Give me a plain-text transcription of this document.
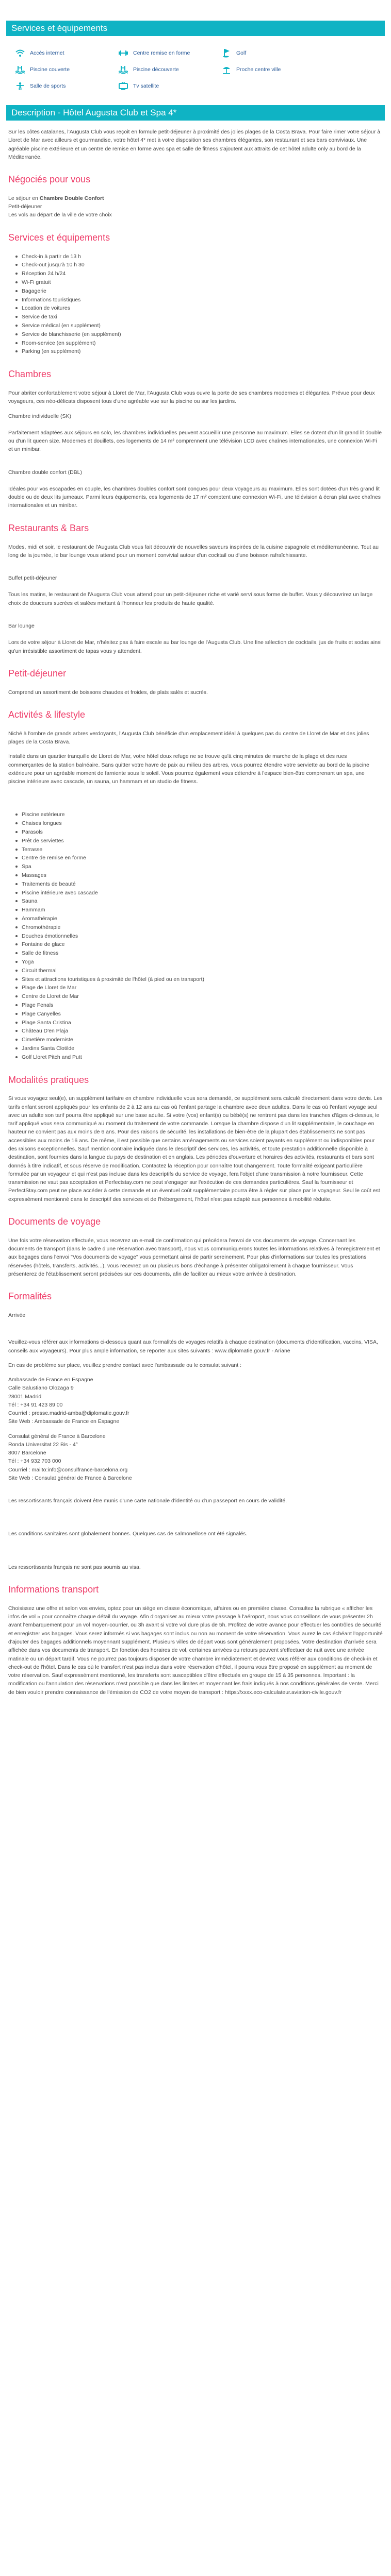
Services et équipements
Accès internet	Centre remise en forme	Golf
Piscine couverte	Piscine découverte	Proche centre ville
Salle de sports	Tv satellite
Description - Hôtel Augusta Club et Spa 4*

Sur les côtes catalanes, l'Augusta Club vous reçoit en formule petit-déjeuner à proximité des jolies plages de la Costa Brava. Pour faire rimer votre séjour à Lloret de Mar avec ailleurs et gourmandise, votre hôtel 4* met à votre disposition ses chambres élégantes, son restaurant et ses bars conviviaux. Une agréable piscine extérieure et un centre de remise en forme avec spa et salle de fitness s'ajoutent aux attraits de cet hôtel adulte only au bord de la Méditerranée.

Négociés pour vous
Le séjour en Chambre Double Confort
Petit-déjeuner
Les vols au départ de la ville de votre choix
Services et équipements
Check-in à partir de 13 h
Check-out jusqu'à 10 h 30
Réception 24 h/24
Wi-Fi gratuit
Bagagerie
Informations touristiques
Location de voitures
Service de taxi
Service médical (en supplément)
Service de blanchisserie (en supplément)
Room-service (en supplément)
Parking (en supplément)
Chambres

Pour abriter confortablement votre séjour à Lloret de Mar, l'Augusta Club vous ouvre la porte de ses chambres modernes et élégantes. Prévue pour deux voyageurs, ces néo-délicats disposent tous d'une agréable vue sur la piscine ou sur les jardins.

Chambre individuelle (SK)

Parfaitement adaptées aux séjours en solo, les chambres individuelles peuvent accueillir une personne au maximum. Elles se dotent d'un lit grand lit double ou d'un lit queen size. Modernes et douillets, ces logements de 14 m² comprennent une télévision LCD avec chaînes internationales, une connexion Wi-Fi et un minibar.

Chambre double confort (DBL)

Idéales pour vos escapades en couple, les chambres doubles confort sont conçues pour deux voyageurs au maximum. Elles sont dotées d'un très grand lit double ou de deux lits jumeaux. Parmi leurs équipements, ces logements de 17 m² comptent une connexion Wi-Fi, une télévision à écran plat avec chaînes internationales et un minibar.

Restaurants & Bars

Modes, midi et soir, le restaurant de l'Augusta Club vous fait découvrir de nouvelles saveurs inspirées de la cuisine espagnole et méditerranéenne. Tout au long de la journée, le bar lounge vous attend pour un moment convivial autour d'un cocktail ou d'une boisson rafraîchissante.

Buffet petit-déjeuner

Tous les matins, le restaurant de l'Augusta Club vous attend pour un petit-déjeuner riche et varié servi sous forme de buffet. Vous y découvrirez un large choix de douceurs sucrées et salées mettant à l'honneur les produits de haute qualité.

Bar lounge

Lors de votre séjour à Lloret de Mar, n'hésitez pas à faire escale au bar lounge de l'Augusta Club. Une fine sélection de cocktails, jus de fruits et sodas ainsi qu'un irrésistible assortiment de tapas vous y attendent.

Petit-déjeuner

Comprend un assortiment de boissons chaudes et froides, de plats salés et sucrés.

Activités & lifestyle

Niché à l'ombre de grands arbres verdoyants, l'Augusta Club bénéficie d'un emplacement idéal à quelques pas du centre de Lloret de Mar et des jolies plages de la Costa Brava.

Installé dans un quartier tranquille de Lloret de Mar, votre hôtel doux refuge ne se trouve qu'à cinq minutes de marche de la plage et des rues commerçantes de la station balnéaire. Sans quitter votre havre de paix au milieu des arbres, vous pourrez étendre votre serviette au bord de la piscine extérieure pour un agréable moment de farniente sous le soleil. Vous pourrez également vous détendre à l'espace bien-être comprenant un spa, une piscine intérieure avec cascade, un sauna, un hammam et un studio de fitness.

Piscine extérieure
Chaises longues
Parasols
Prêt de serviettes
Terrasse
Centre de remise en forme
Spa
Massages
Traitements de beauté
Piscine intérieure avec cascade
Sauna
Hammam
Aromathérapie
Chromothérapie
Douches émotionnelles
Fontaine de glace
Salle de fitness
Yoga
Circuit thermal
Sites et attractions touristiques à proximité de l'hôtel (à pied ou en transport)
Plage de Lloret de Mar
Centre de Lloret de Mar
Plage Fenals
Plage Canyelles
Plage Santa Cristina
Château D'en Plaja
Cimetière moderniste
Jardins Santa Clotilde
Golf Lloret Pitch and Putt
Modalités pratiques

Si vous voyagez seul(e), un supplément tarifaire en chambre individuelle vous sera demandé, ce supplément sera calculé directement dans votre devis. Les tarifs enfant seront appliqués pour les enfants de 2 à 12 ans au cas où l'enfant partage la chambre avec deux adultes. Dans le cas où l'enfant voyage seul avec un adulte son tarif pourra être appliqué sur une base adulte. Si votre (vos) enfant(s) ou bébé(s) ne rentrent pas dans les tranches d'âges ci-dessus, le tarif appliqué vous sera communiqué au moment du traitement de votre commande. Lorsque la chambre dispose d'un lit supplémentaire, le couchage en hauteur ne convient pas aux moins de 6 ans. Pour des raisons de sécurité, les installations de bien-être de la plupart des établissements ne sont pas accessibles aux moins de 16 ans. De même, il est possible que certains aménagements ou services soient payants en supplément ou indisponibles pour des raisons exceptionnelles. Sauf mention contraire indiquée dans le descriptif des services, les activités, et toute prestation additionnelle disponible à destination, sont fournies dans la langue du pays de destination et en anglais. Les périodes d'ouverture et horaires des activités, restaurants et bars sont donnés à titre indicatif, et sous réserve de modification. Contactez la réception pour connaître tout changement. Toute formalité exigeant particulière formulée par un voyageur et qui n'est pas incluse dans les descriptifs du service de voyage, fera l'objet d'une transmission à notre fournisseur. Cette transmission ne vaut pas acceptation et Perfectstay.com ne peut s'engager sur l'exécution de ces demandes particulières. Sauf la fournisseur et PerfectStay.com peut ne place accéder à cette demande et un éventuel coût supplémentaire pourra être à régler sur place par le voyageur. Seul le coût est expressément mentionné dans le descriptif des services et de l'hébergement, l'hôtel n'est pas adapté aux personnes à mobilité réduite.

Documents de voyage

Une fois votre réservation effectuée, vous recevrez un e-mail de confirmation qui précédera l'envoi de vos documents de voyage. Concernant les documents de transport (dans le cadre d'une réservation avec transport), nous vous communiquerons toutes les informations relatives à l'enregistrement et aux bagages dans l'envoi "Vos documents de voyage" vous permettant ainsi de partir sereinement. Pour plus d'informations sur toutes les prestations réservées (hôtels, transferts, activités...), vous recevrez un ou plusieurs bons d'échange à présenter obligatoirement à chaque fournisseur. Vous présenterez de l'établissement seront précisées sur ces documents, afin de faciliter au mieux votre arrivée à destination.

Formalités
Arrivée

Veuillez-vous référer aux informations ci-dessous quant aux formalités de voyages relatifs à chaque destination (documents d'identification, vaccins, VISA, conseils aux voyageurs). Pour plus ample information, se reporter aux sites suivants : www.diplomatie.gouv.fr - Ariane

En cas de problème sur place, veuillez prendre contact avec l'ambassade ou le consulat suivant :

Ambassade de France en Espagne
Calle Salustiano Olozaga 9
28001 Madrid
Tél : +34 91 423 89 00
Courriel : presse.madrid-amba@diplomatie.gouv.fr
Site Web : Ambassade de France en Espagne
Consulat général de France à Barcelone
Ronda Universitat 22 Bis - 4°
8007 Barcelone
Tél : +34 932 703 000
Courriel : mailto:info@consulfrance-barcelona.org
Site Web : Consulat général de France à Barcelone

Les ressortissants français doivent être munis d'une carte nationale d'identité ou d'un passeport en cours de validité.

Les conditions sanitaires sont globalement bonnes. Quelques cas de salmonellose ont été signalés.

Les ressortissants français ne sont pas soumis au visa.

Informations transport

Choisissez une offre et selon vos envies, optez pour un siège en classe économique, affaires ou en première classe. Consultez la rubrique « afficher les infos de vol » pour connaître chaque détail du voyage. Afin d'organiser au mieux votre passage à l'aéroport, nous vous conseillons de vous présenter 2h avant l'embarquement pour un vol moyen-courrier, ou 3h avant si votre vol dure plus de 5h. Profitez de votre avance pour effectuer les contrôles de sécurité et enregistrer vos bagages. Vous serez informés si vos bagages sont inclus ou non au moment de votre réservation. Vous aurez le cas échéant l'opportunité d'ajouter des bagages additionnels moyennant supplément. Plusieurs villes de départ vous sont généralement proposées. Votre destination d'arrivée sera affichée dans vos documents de transport. En fonction des horaires de vol, certaines arrivées ou retours peuvent s'effectuer de nuit avec une arrivée matinale ou un départ tardif. Vous ne pourrez pas toujours disposer de votre chambre immédiatement et devrez vous référer aux conditions de check-in et check-out de l'hôtel. Dans le cas où le transfert n'est pas inclus dans votre réservation d'hôtel, il pourra vous être proposé en supplément au moment de votre réservation. Sauf expressément mentionné, les transferts sont susceptibles d'être effectués en groupe de 15 à 35 personnes. Important : la modification ou l'annulation des réservations n'est possible que dans les limites et moyennant les frais indiqués à nos conditions générales de vente. Merci de bien vouloir prendre connaissance de l'émission de CO2 de votre moyen de transport : https://xxxx.eco-calculateur.aviation-civile.gouv.fr
